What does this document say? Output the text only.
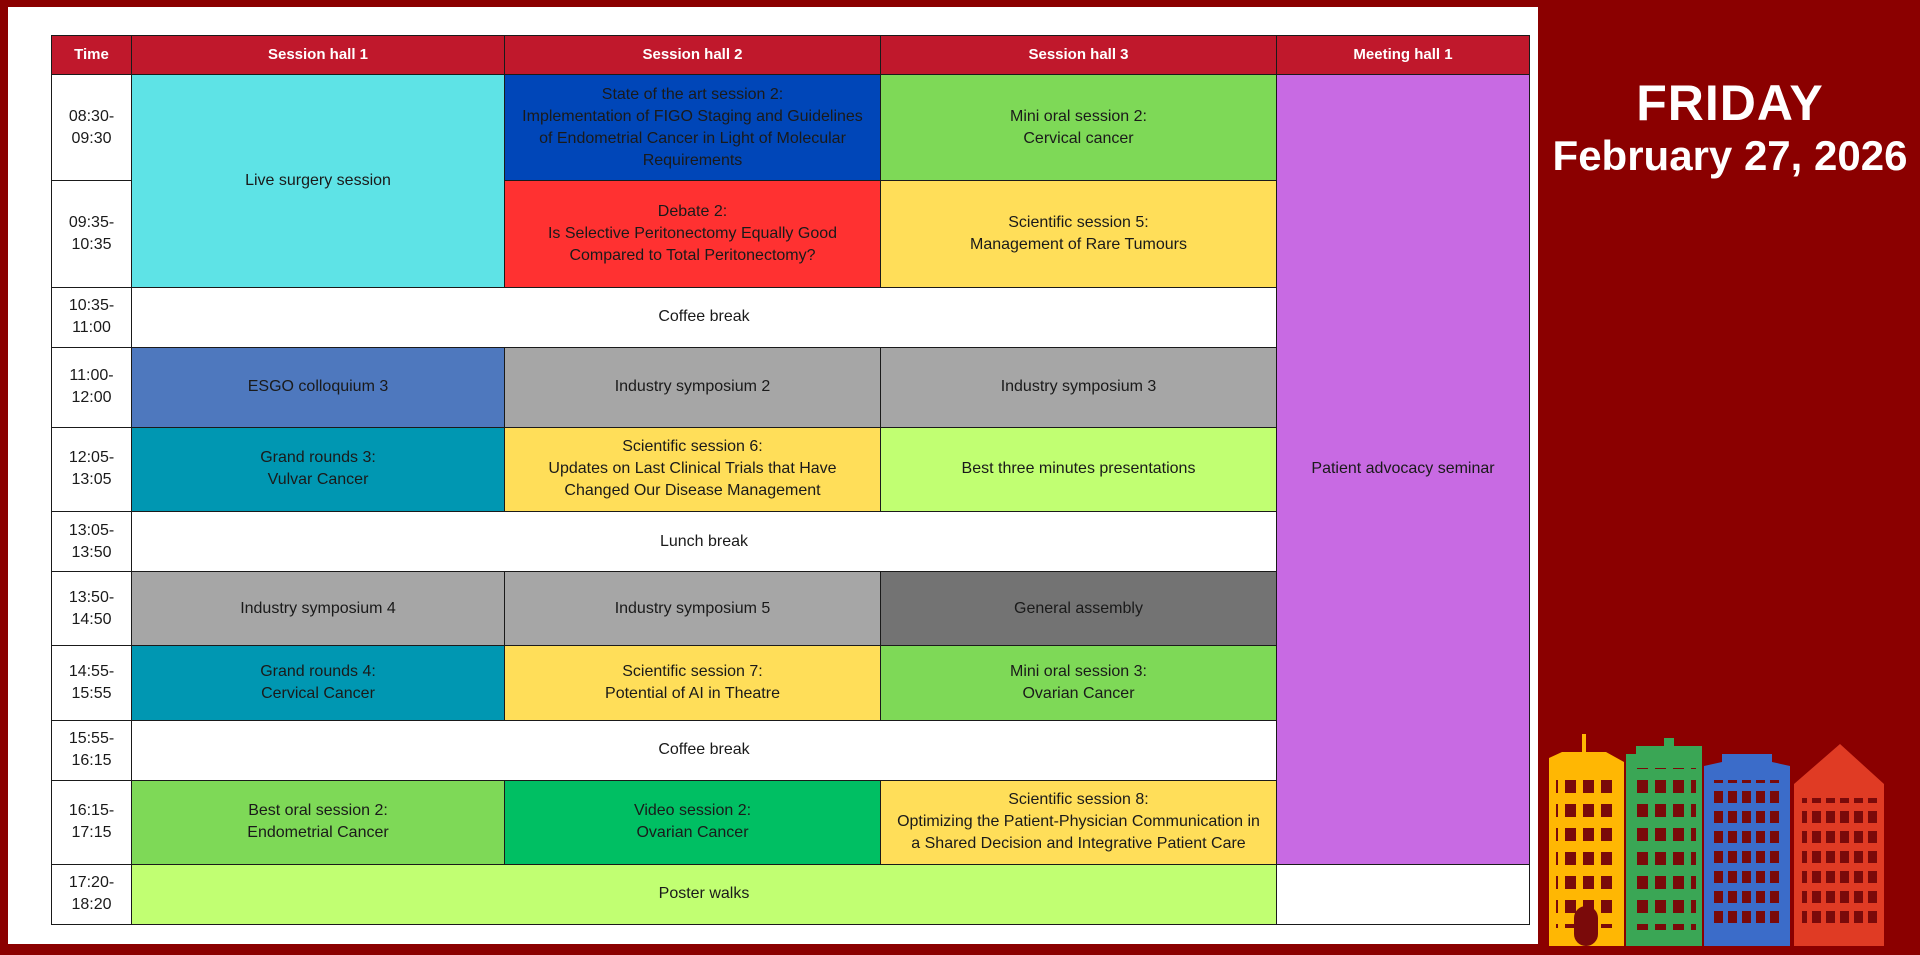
Time	Session hall 1	Session hall 2	Session hall 3	Meeting hall 1
08:30-
09:30	Live surgery session	State of the art session 2:
Implementation of FIGO Staging and Guidelines of Endometrial Cancer in Light of Molecular Requirements	Mini oral session 2:
Cervical cancer	Patient advocacy seminar
09:35-
10:35		Debate 2:
Is Selective Peritonectomy Equally Good Compared to Total Peritonectomy?	Scientific session 5:
Management of Rare Tumours	
10:35-
11:00	Coffee break			
11:00-
12:00	ESGO colloquium 3	Industry symposium 2	Industry symposium 3	
12:05-
13:05	Grand rounds 3:
Vulvar Cancer	Scientific session 6:
Updates on Last Clinical Trials that Have Changed Our Disease Management	Best three minutes presentations	
13:05-
13:50	Lunch break			
13:50-
14:50	Industry symposium 4	Industry symposium 5	General assembly	
14:55-
15:55	Grand rounds 4:
Cervical Cancer	Scientific session 7:
Potential of AI in Theatre	Mini oral session 3:
Ovarian Cancer	
15:55-
16:15	Coffee break			
16:15-
17:15	Best oral session 2:
Endometrial Cancer	Video session 2:
Ovarian Cancer	Scientific session 8:
Optimizing the Patient-Physician Communication in a Shared Decision and Integrative Patient Care	
17:20-
18:20	Poster walks			
FRIDAY
February 27, 2026
